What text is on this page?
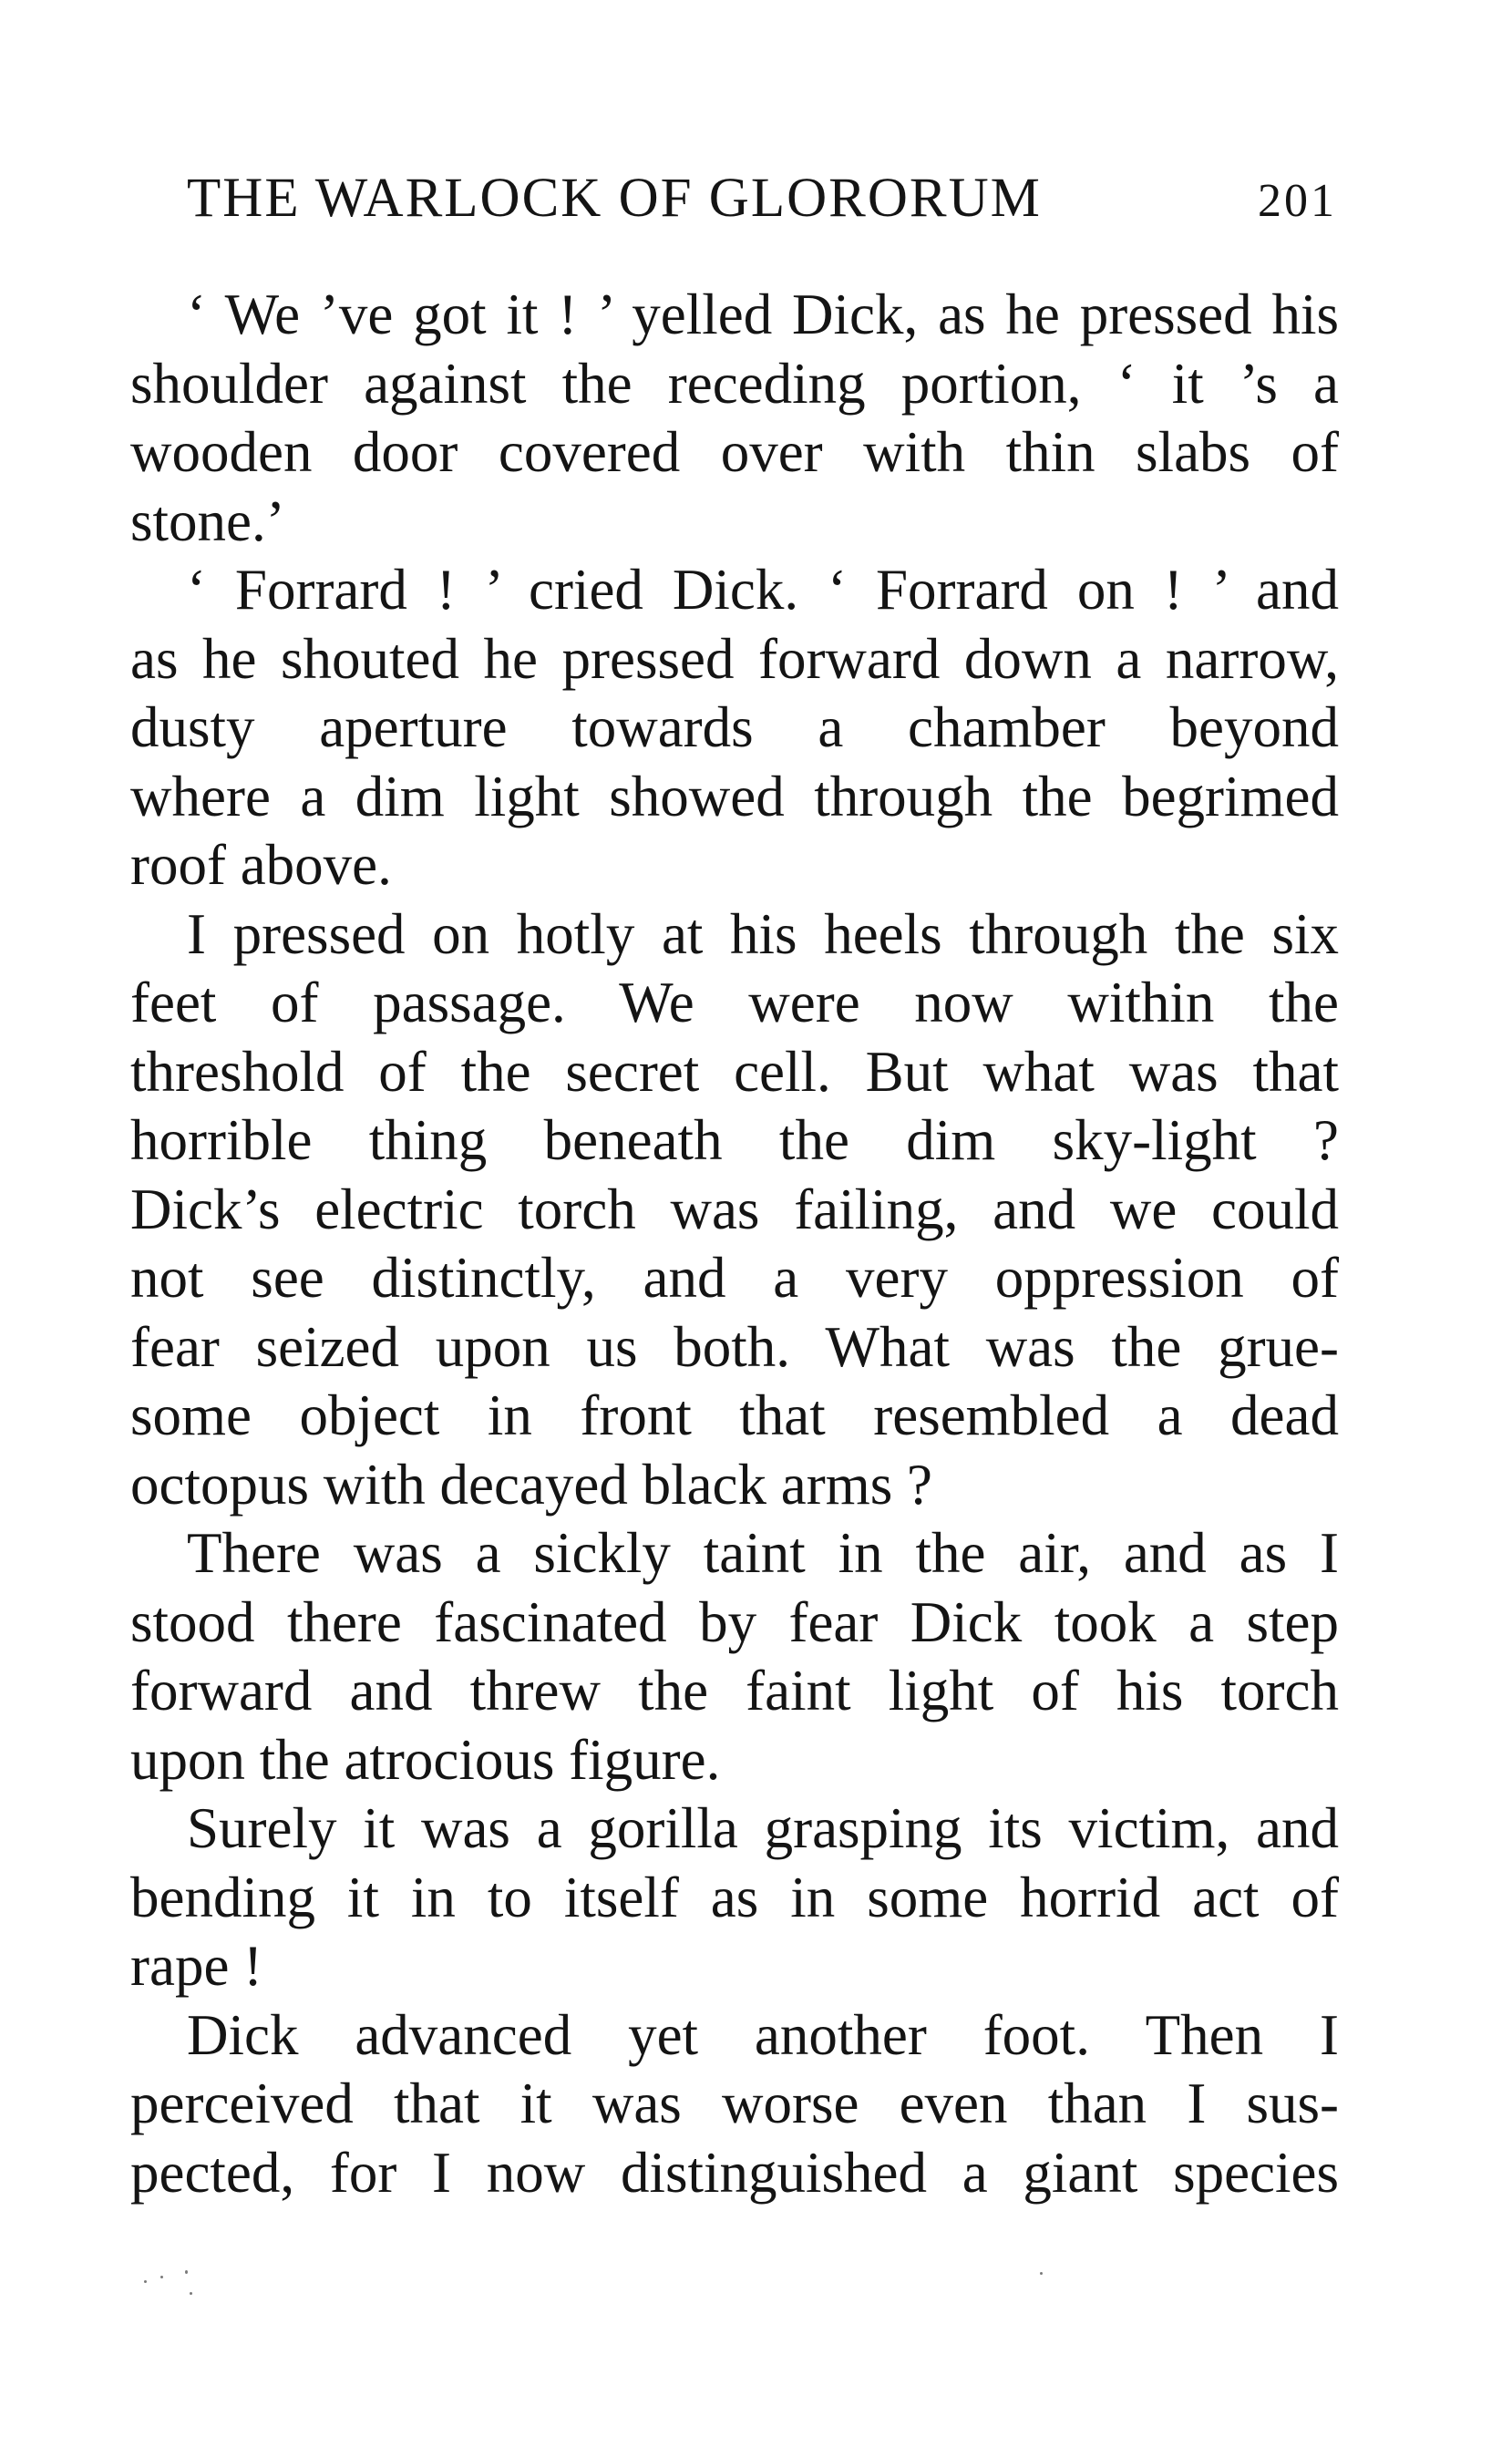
THE WARLOCK OF GLORORUM	201
‘ We ’ve got it ! ’ yelled Dick, as he pressed his
shoulder against the receding portion, ‘ it ’s a
wooden door covered over with thin slabs of
stone.’
‘ Forrard ! ’ cried Dick. ‘ Forrard on ! ’ and
as he shouted he pressed forward down a narrow,
dusty aperture towards a chamber beyond
where a dim light showed through the begrimed
roof above.
I pressed on hotly at his heels through the six
feet of passage. We were now within the
threshold of the secret cell. But what was that
horrible thing beneath the dim sky-light ?
Dick’s electric torch was failing, and we could
not see distinctly, and a very oppression of
fear seized upon us both. What was the grue-
some object in front that resembled a dead
octopus with decayed black arms ?
There was a sickly taint in the air, and as I
stood there fascinated by fear Dick took a step
forward and threw the faint light of his torch
upon the atrocious figure.
Surely it was a gorilla grasping its victim, and
bending it in to itself as in some horrid act of
rape !
Dick advanced yet another foot. Then I
perceived that it was worse even than I sus-
pected, for I now distinguished a giant species
